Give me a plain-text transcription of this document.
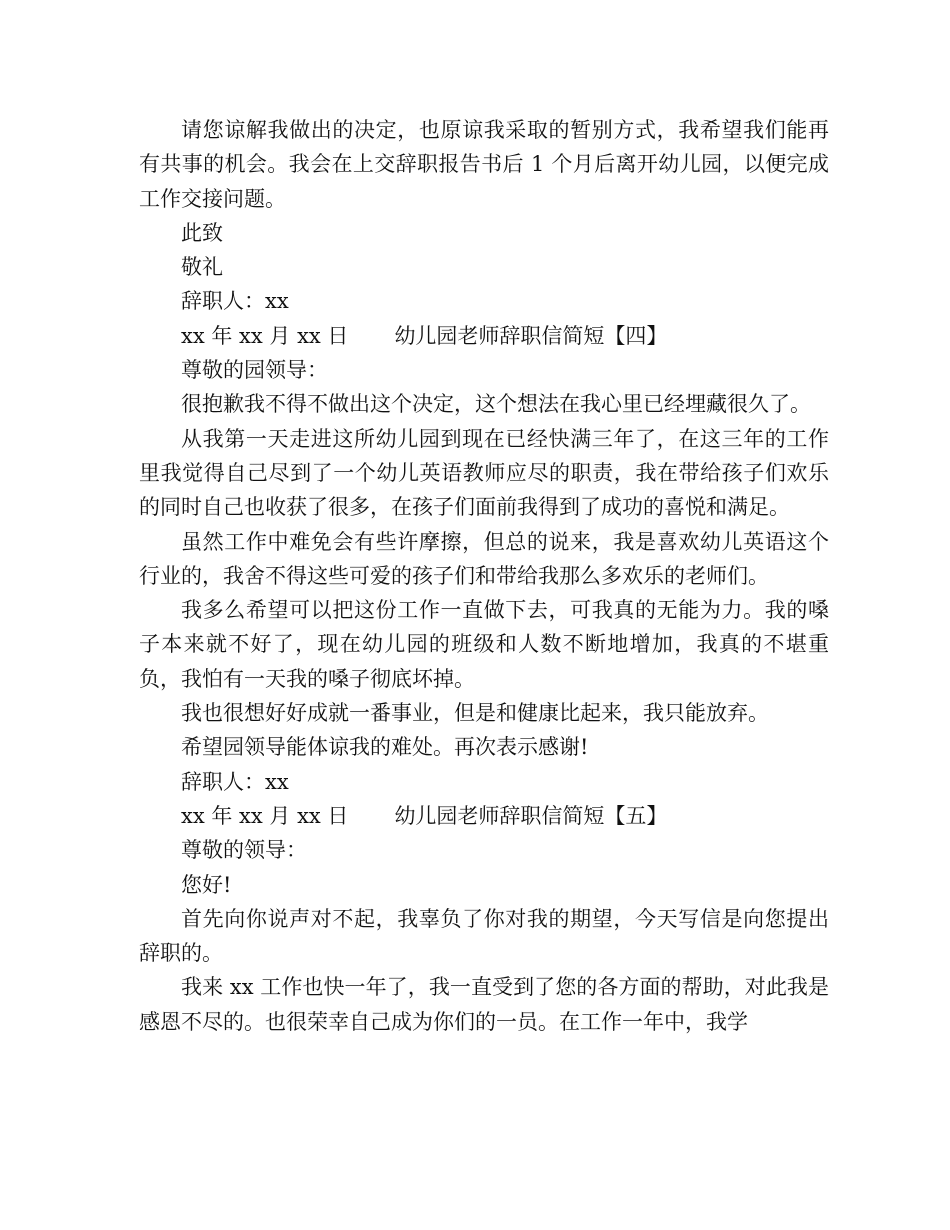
请您谅解我做出的决定，也原谅我采取的暂别方式，我希望我们能再有共事的机会。我会在上交辞职报告书后 1 个月后离开幼儿园，以便完成工作交接问题。

此致

敬礼

辞职人：xx

xx 年 xx 月 xx 日 幼儿园老师辞职信简短【四】

尊敬的园领导：

很抱歉我不得不做出这个决定，这个想法在我心里已经埋藏很久了。

从我第一天走进这所幼儿园到现在已经快满三年了，在这三年的工作里我觉得自己尽到了一个幼儿英语教师应尽的职责，我在带给孩子们欢乐的同时自己也收获了很多，在孩子们面前我得到了成功的喜悦和满足。

虽然工作中难免会有些许摩擦，但总的说来，我是喜欢幼儿英语这个行业的，我舍不得这些可爱的孩子们和带给我那么多欢乐的老师们。

我多么希望可以把这份工作一直做下去，可我真的无能为力。我的嗓子本来就不好了，现在幼儿园的班级和人数不断地增加，我真的不堪重负，我怕有一天我的嗓子彻底坏掉。

我也很想好好成就一番事业，但是和健康比起来，我只能放弃。

希望园领导能体谅我的难处。再次表示感谢!

辞职人：xx

xx 年 xx 月 xx 日 幼儿园老师辞职信简短【五】

尊敬的领导：

您好!

首先向你说声对不起，我辜负了你对我的期望，今天写信是向您提出辞职的。

我来 xx 工作也快一年了，我一直受到了您的各方面的帮助，对此我是感恩不尽的。也很荣幸自己成为你们的一员。在工作一年中，我学
